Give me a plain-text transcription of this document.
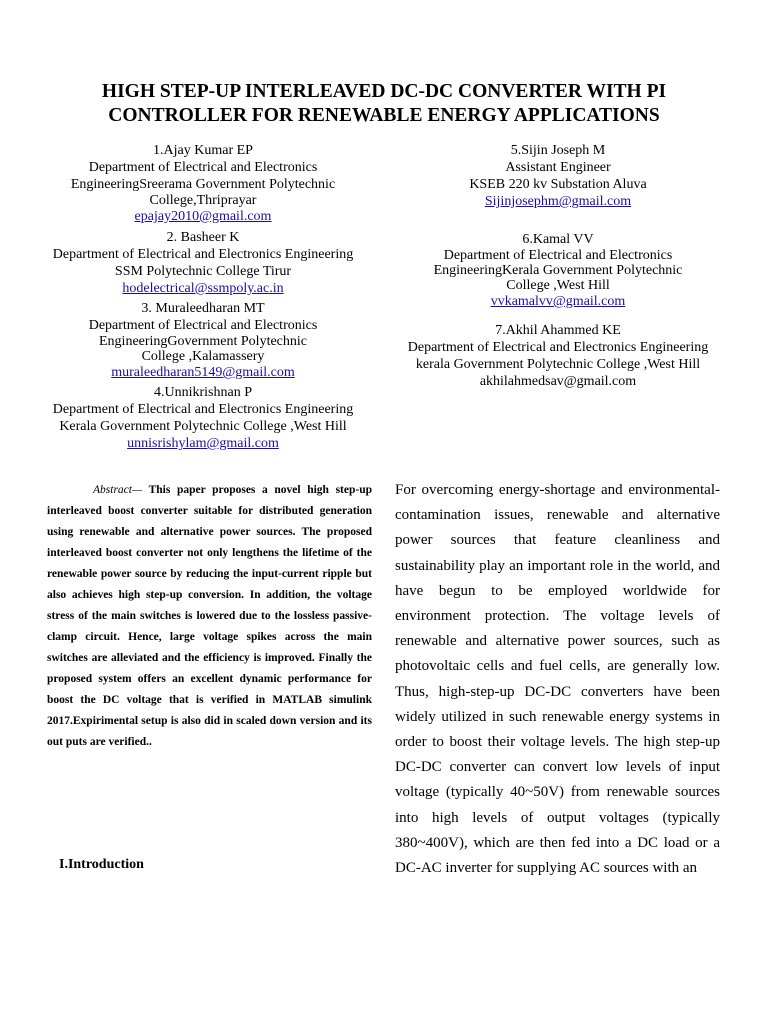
HIGH STEP-UP INTERLEAVED DC-DC CONVERTER WITH PI CONTROLLER FOR RENEWABLE ENERGY APPLICATIONS
1.Ajay Kumar EP
Department of Electrical and Electronics
EngineeringSreerama Government Polytechnic
College,Thriprayar
epajay2010@gmail.com
2. Basheer K
Department of Electrical and Electronics Engineering
SSM Polytechnic College Tirur
hodelectrical@ssmpoly.ac.in
3. Muraleedharan MT
Department of Electrical and Electronics
EngineeringGovernment Polytechnic
College ,Kalamassery
muraleedharan5149@gmail.com
4.Unnikrishnan P
Department of Electrical and Electronics Engineering
Kerala Government Polytechnic College ,West Hill
unnisrishylam@gmail.com
5.Sijin Joseph M
Assistant Engineer
KSEB 220 kv Substation Aluva
Sijinjosephm@gmail.com
6.Kamal VV
Department of Electrical and Electronics
EngineeringKerala Government Polytechnic
College ,West Hill
vvkamalvv@gmail.com
7.Akhil Ahammed KE
Department of Electrical and Electronics Engineering
kerala Government Polytechnic College ,West Hill
akhilahmedsav@gmail.com
Abstract— This paper proposes a novel high step-up interleaved boost converter suitable for distributed generation using renewable and alternative power sources. The proposed interleaved boost converter not only lengthens the lifetime of the renewable power source by reducing the input-current ripple but also achieves high step-up conversion. In addition, the voltage stress of the main switches is lowered due to the lossless passive-clamp circuit. Hence, large voltage spikes across the main switches are alleviated and the efficiency is improved. Finally the proposed system offers an excellent dynamic performance for boost the DC voltage that is verified in MATLAB simulink 2017.Expirimental setup is also did in scaled down version and its out puts are verified..
I.Introduction
For overcoming energy-shortage and environmental-contamination issues, renewable and alternative power sources that feature cleanliness and sustainability play an important role in the world, and have begun to be employed worldwide for environment protection. The voltage levels of renewable and alternative power sources, such as photovoltaic cells and fuel cells, are generally low. Thus, high-step-up DC-DC converters have been widely utilized in such renewable energy systems in order to boost their voltage levels. The high step-up DC-DC converter can convert low levels of input voltage (typically 40~50V) from renewable sources into high levels of output voltages (typically 380~400V), which are then fed into a DC load or a DC-AC inverter for supplying AC sources with an
